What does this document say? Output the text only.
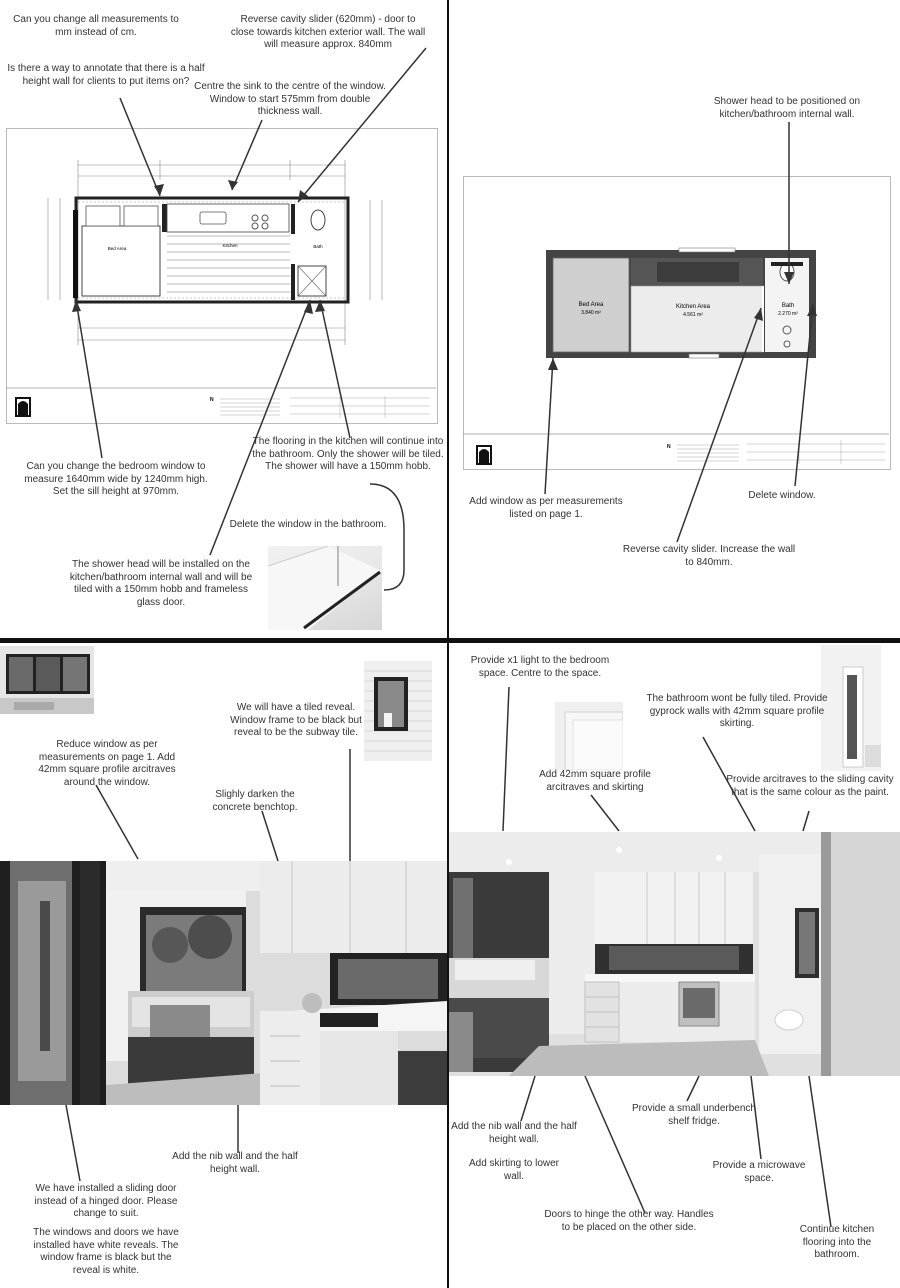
Bed Area
Kitchen	Bath
N
Can you change all measurements to mm instead of cm.
Reverse cavity slider (620mm) - door to close towards kitchen exterior wall. The wall will measure approx. 840mm
Is there a way to annotate that there is a half height wall for clients to put items on? Centre the sink to the centre of the window. Window to start 575mm from double thickness wall.
The flooring in the kitchen will continue into the bathroom. Only the shower will be tiled. The shower will have a 150mm hobb.
Can you change the bedroom window to measure 1640mm wide by 1240mm high. Set the sill height at 970mm.
Delete the window in the bathroom.
The shower head will be installed on the kitchen/bathroom internal wall and will be tiled with a 150mm hobb and frameless glass door.
Bed Area
3.840 m²
Kitchen Area
4.561 m²
Bath
2.270 m²
N
Shower head to be positioned on kitchen/bathroom internal wall.
Add window as per measurements listed on page 1.
Delete window.
Reverse cavity slider. Increase the wall to 840mm.
Reduce window as per measurements on page 1. Add 42mm square profile arcitraves around the window.
We will have a tiled reveal. Window frame to be black but reveal to be the subway tile.
Slighly darken the concrete benchtop.
Add the nib wall and the half height wall.
We have installed a sliding door instead of a hinged door. Please change to suit.
The windows and doors we have installed have white reveals. The window frame is black but the reveal is white.
Provide x1 light to the bedroom space. Centre to the space.
The bathroom wont be fully tiled. Provide gyprock walls with 42mm square profile skirting.
Add 42mm square profile arcitraves and skirting
Provide arcitraves to the sliding cavity that is the same colour as the paint.
Add the nib wall and the half height wall.
Provide a small underbench shelf fridge.
Add skirting to lower wall.
Provide a microwave space.
Doors to hinge the other way. Handles to be placed on the other side.	Continue kitchen flooring into the bathroom.
